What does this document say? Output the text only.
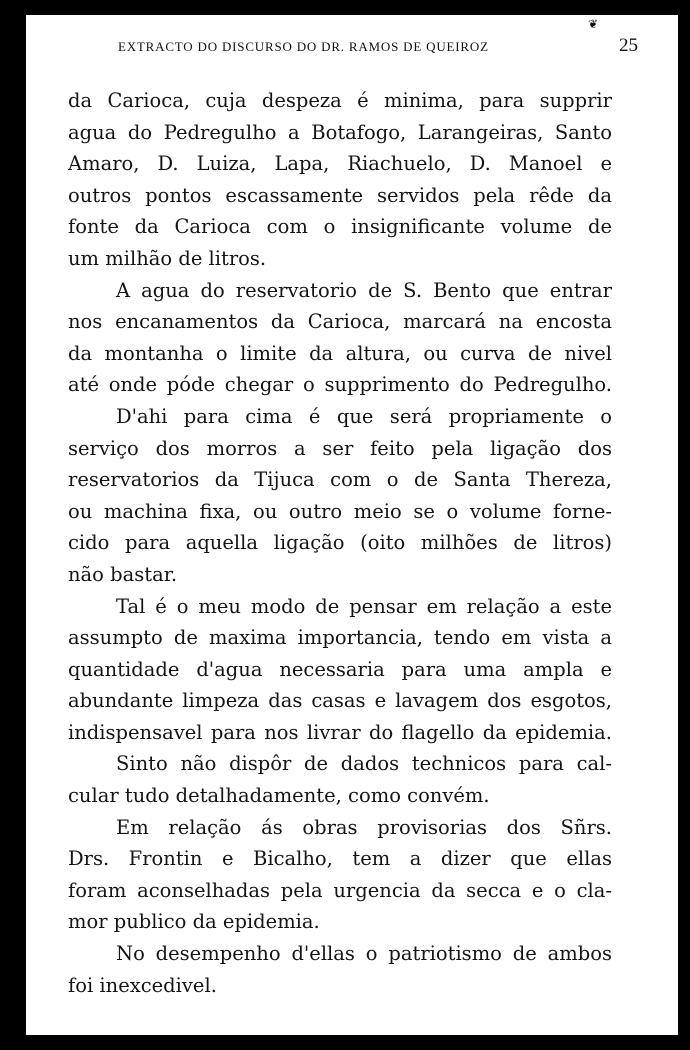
❦
EXTRACTO DO DISCURSO DO DR. RAMOS DE QUEIROZ	25
da Carioca, cuja despeza é minima, para supprir
agua do Pedregulho a Botafogo, Larangeiras, Santo
Amaro, D. Luiza, Lapa, Riachuelo, D. Manoel e
outros pontos escassamente servidos pela rêde da
fonte da Carioca com o insignificante volume de
um milhão de litros.
A agua do reservatorio de S. Bento que entrar
nos encanamentos da Carioca, marcará na encosta
da montanha o limite da altura, ou curva de nivel
até onde póde chegar o supprimento do Pedregulho.
D'ahi para cima é que será propriamente o
serviço dos morros a ser feito pela ligação dos
reservatorios da Tijuca com o de Santa Thereza,
ou machina fixa, ou outro meio se o volume forne-
cido para aquella ligação (oito milhões de litros)
não bastar.
Tal é o meu modo de pensar em relação a este
assumpto de maxima importancia, tendo em vista a
quantidade d'agua necessaria para uma ampla e
abundante limpeza das casas e lavagem dos esgotos,
indispensavel para nos livrar do flagello da epidemia.
Sinto não dispôr de dados technicos para cal-
cular tudo detalhadamente, como convém.
Em relação ás obras provisorias dos Sñrs.
Drs. Frontin e Bicalho, tem a dizer que ellas
foram aconselhadas pela urgencia da secca e o cla-
mor publico da epidemia.
No desempenho d'ellas o patriotismo de ambos
foi inexcedivel.
